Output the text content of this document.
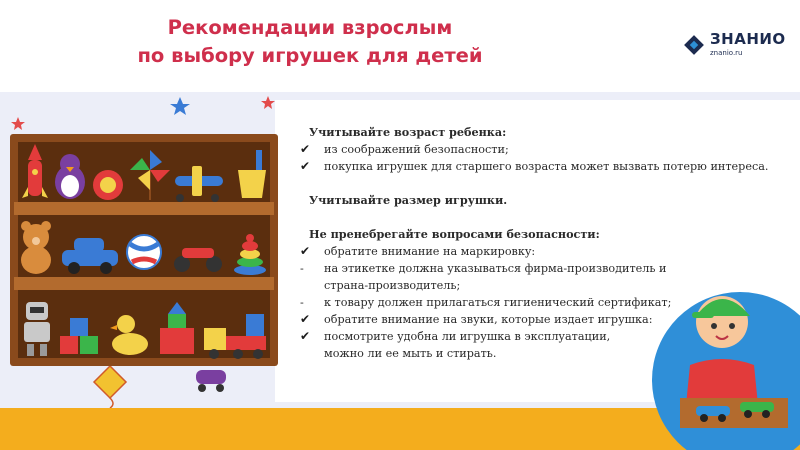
Рекомендации взрослым
по выбору игрушек для детей
ЗНАНИО
znanio.ru
Учитывайте возраст ребенка:
✔ из соображений безопасности;
✔ покупка игрушек для старшего возраста может вызвать потерю интереса.
Учитывайте размер игрушки.
Не пренебрегайте вопросами безопасности:
✔ обратите внимание на маркировку:
- на этикетке должна указываться фирма-производитель и
страна-производитель;
- к товару должен прилагаться гигиенический сертификат;
✔ обратите внимание на звуки, которые издает игрушка:
✔ посмотрите удобна ли игрушка в эксплуатации,
можно ли ее мыть и стирать.
